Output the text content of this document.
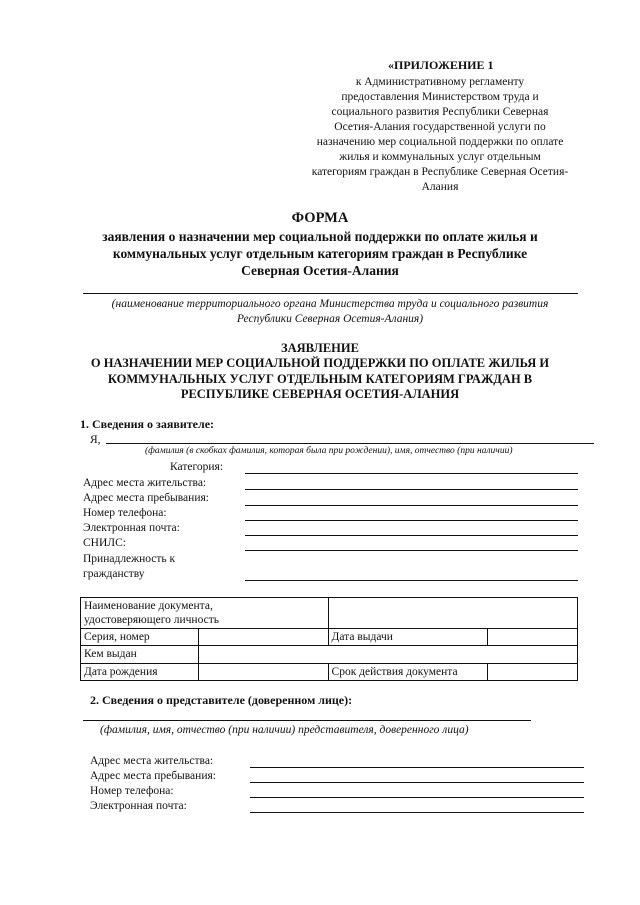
«ПРИЛОЖЕНИЕ 1
к Административному регламенту
предоставления Министерством труда и
социального развития Республики Северная
Осетия-Алания государственной услуги по
назначению мер социальной поддержки по оплате
жилья и коммунальных услуг отдельным
категориям граждан в Республике Северная Осетия-
Алания
ФОРМА
заявления о назначении мер социальной поддержки по оплате жилья и
коммунальных услуг отдельным категориям граждан в Республике
Северная Осетия-Алания
(наименование территориального органа Министерства труда и социального развития
Республики Северная Осетия-Алания)
ЗАЯВЛЕНИЕ
О НАЗНАЧЕНИИ МЕР СОЦИАЛЬНОЙ ПОДДЕРЖКИ ПО ОПЛАТЕ ЖИЛЬЯ И
КОММУНАЛЬНЫХ УСЛУГ ОТДЕЛЬНЫМ КАТЕГОРИЯМ ГРАЖДАН В
РЕСПУБЛИКЕ СЕВЕРНАЯ ОСЕТИЯ-АЛАНИЯ
1. Сведения о заявителе:
Я,
(фамилия (в скобках фамилия, которая была при рождении), имя, отчество (при наличии)
Категория:
Адрес места жительства:
Адрес места пребывания:
Номер телефона:
Электронная почта:
СНИЛС:
Принадлежность к
гражданству
Наименование документа,
удостоверяющего личность			

Серия, номер		Дата выдачи	
Кем выдан			
Дата рождения		Срок действия документа	
2. Сведения о представителе (доверенном лице):
(фамилия, имя, отчество (при наличии) представителя, доверенного лица)
Адрес места жительства:
Адрес места пребывания:
Номер телефона:
Электронная почта:
